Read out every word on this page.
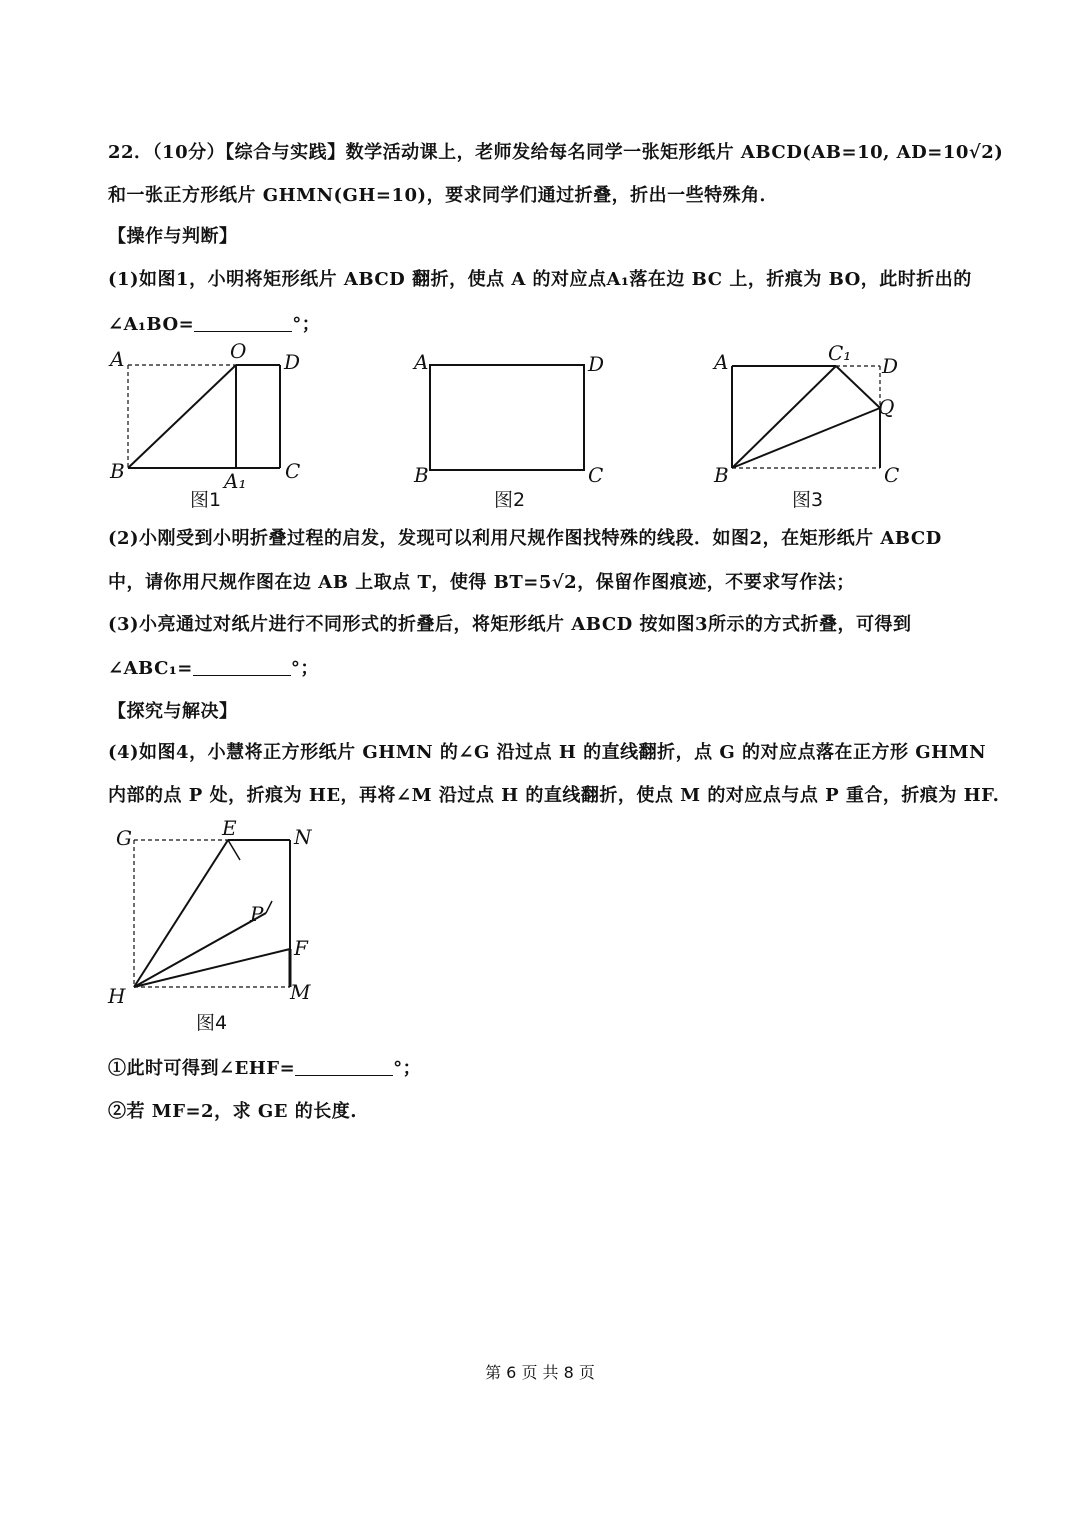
22．（10分）【综合与实践】数学活动课上，老师发给每名同学一张矩形纸片 ABCD(AB=10, AD=10√2)
和一张正方形纸片 GHMN(GH=10)，要求同学们通过折叠，折出一些特殊角．
【操作与判断】
(1)如图1，小明将矩形纸片 ABCD 翻折，使点 A 的对应点A₁落在边 BC 上，折痕为 BO，此时折出的
∠A₁BO=	°；
A	O D
B	A₁ C
图1
A	D
B	C
图2
A	C₁
D
Q
B	C
图3
(2)小刚受到小明折叠过程的启发，发现可以利用尺规作图找特殊的线段．如图2，在矩形纸片 ABCD
中，请你用尺规作图在边 AB 上取点 T，使得 BT=5√2，保留作图痕迹，不要求写作法；
(3)小亮通过对纸片进行不同形式的折叠后，将矩形纸片 ABCD 按如图3所示的方式折叠，可得到
∠ABC₁=	°；
【探究与解决】
(4)如图4，小慧将正方形纸片 GHMN 的∠G 沿过点 H 的直线翻折，点 G 的对应点落在正方形 GHMN
内部的点 P 处，折痕为 HE，再将∠M 沿过点 H 的直线翻折，使点 M 的对应点与点 P 重合，折痕为 HF.
G	E	N
P
F
H	M
图4
①此时可得到∠EHF=	°；
②若 MF=2，求 GE 的长度.
第 6 页 共 8 页
